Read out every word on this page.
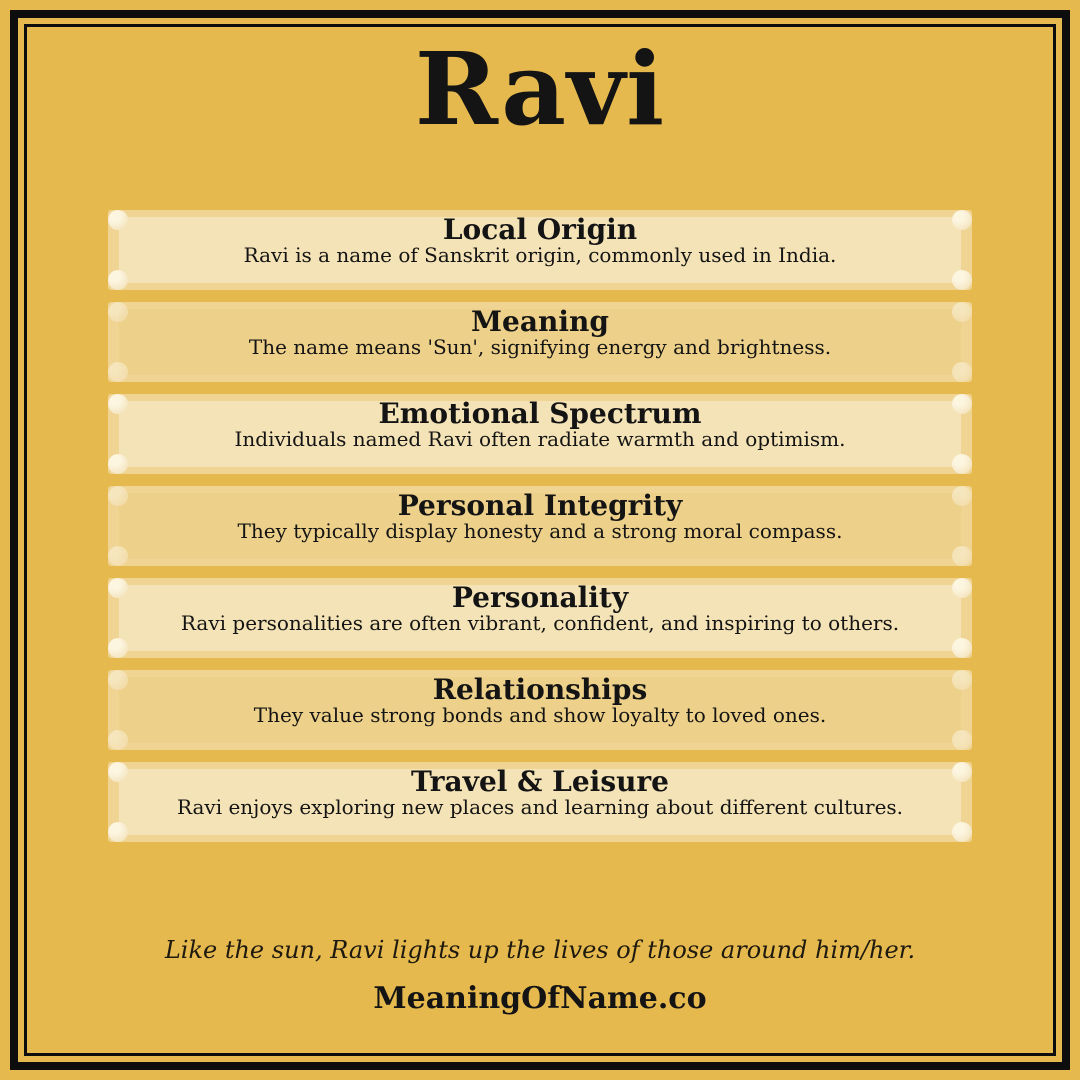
Ravi
Local Origin

Ravi is a name of Sanskrit origin, commonly used in India.

Meaning

The name means 'Sun', signifying energy and brightness.

Emotional Spectrum

Individuals named Ravi often radiate warmth and optimism.

Personal Integrity

They typically display honesty and a strong moral compass.

Personality

Ravi personalities are often vibrant, confident, and inspiring to others.

Relationships

They value strong bonds and show loyalty to loved ones.

Travel & Leisure

Ravi enjoys exploring new places and learning about different cultures.

Like the sun, Ravi lights up the lives of those around him/her.
MeaningOfName.co
